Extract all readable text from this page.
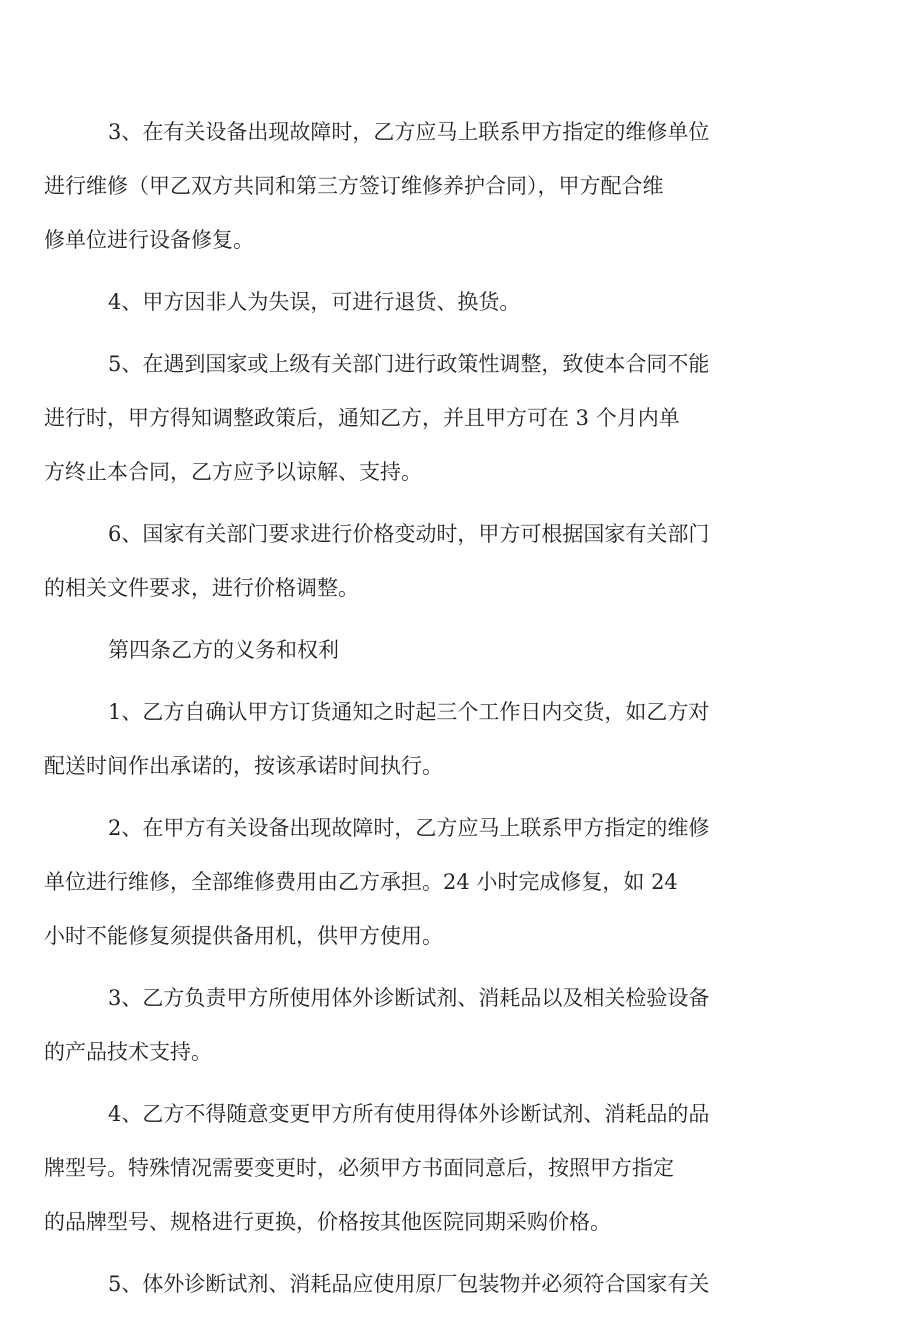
3、在有关设备出现故障时，乙方应马上联系甲方指定的维修单位
进行维修（甲乙双方共同和第三方签订维修养护合同），甲方配合维
修单位进行设备修复。
4、甲方因非人为失误，可进行退货、换货。
5、在遇到国家或上级有关部门进行政策性调整，致使本合同不能
进行时，甲方得知调整政策后，通知乙方，并且甲方可在 3 个月内单
方终止本合同，乙方应予以谅解、支持。
6、国家有关部门要求进行价格变动时，甲方可根据国家有关部门
的相关文件要求，进行价格调整。
第四条乙方的义务和权利
1、乙方自确认甲方订货通知之时起三个工作日内交货，如乙方对
配送时间作出承诺的，按该承诺时间执行。
2、在甲方有关设备出现故障时，乙方应马上联系甲方指定的维修
单位进行维修，全部维修费用由乙方承担。24 小时完成修复，如 24
小时不能修复须提供备用机，供甲方使用。
3、乙方负责甲方所使用体外诊断试剂、消耗品以及相关检验设备
的产品技术支持。
4、乙方不得随意变更甲方所有使用得体外诊断试剂、消耗品的品
牌型号。特殊情况需要变更时，必须甲方书面同意后，按照甲方指定
的品牌型号、规格进行更换，价格按其他医院同期采购价格。
5、体外诊断试剂、消耗品应使用原厂包装物并必须符合国家有关
